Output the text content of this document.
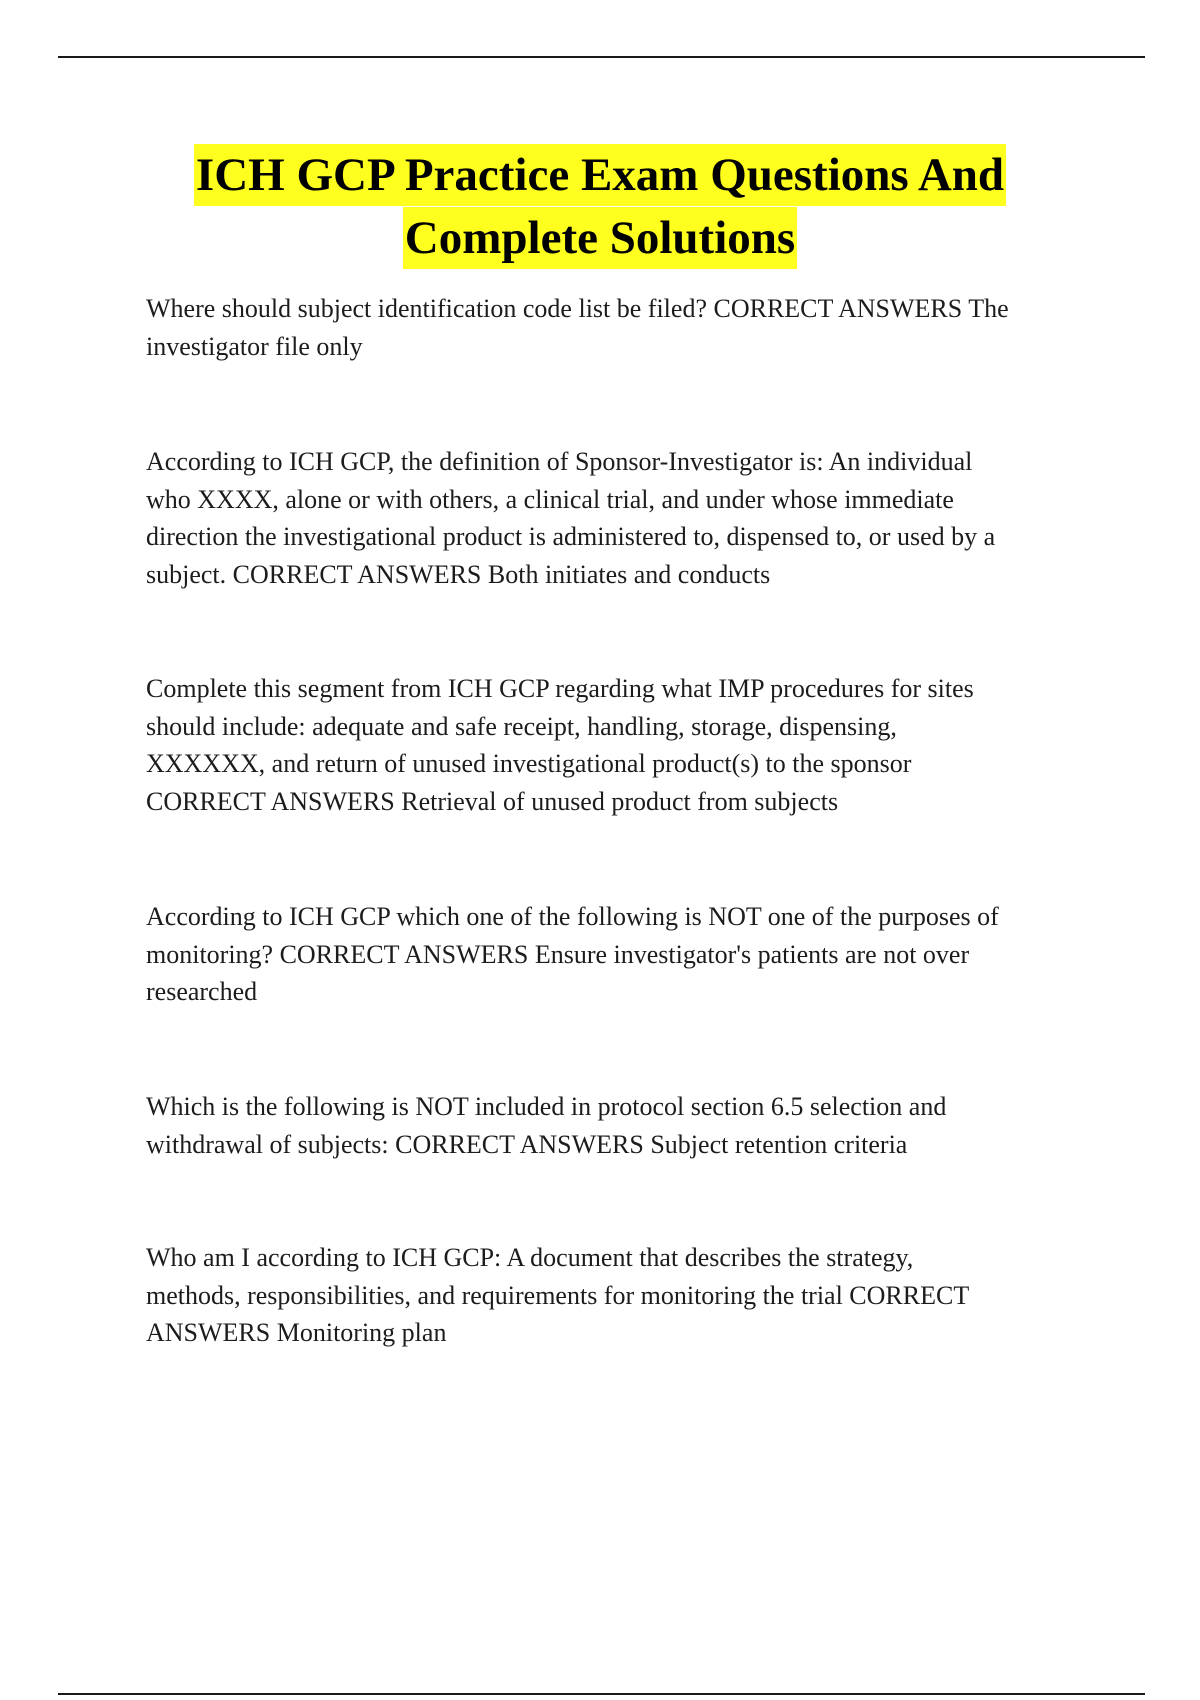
ICH GCP Practice Exam Questions And
Complete Solutions

Where should subject identification code list be filed? CORRECT ANSWERS The
investigator file only

According to ICH GCP, the definition of Sponsor-Investigator is: An individual
who XXXX, alone or with others, a clinical trial, and under whose immediate
direction the investigational product is administered to, dispensed to, or used by a
subject. CORRECT ANSWERS Both initiates and conducts

Complete this segment from ICH GCP regarding what IMP procedures for sites
should include: adequate and safe receipt, handling, storage, dispensing,
XXXXXX, and return of unused investigational product(s) to the sponsor
CORRECT ANSWERS Retrieval of unused product from subjects

According to ICH GCP which one of the following is NOT one of the purposes of
monitoring? CORRECT ANSWERS Ensure investigator's patients are not over
researched

Which is the following is NOT included in protocol section 6.5 selection and
withdrawal of subjects: CORRECT ANSWERS Subject retention criteria

Who am I according to ICH GCP: A document that describes the strategy,
methods, responsibilities, and requirements for monitoring the trial CORRECT
ANSWERS Monitoring plan
